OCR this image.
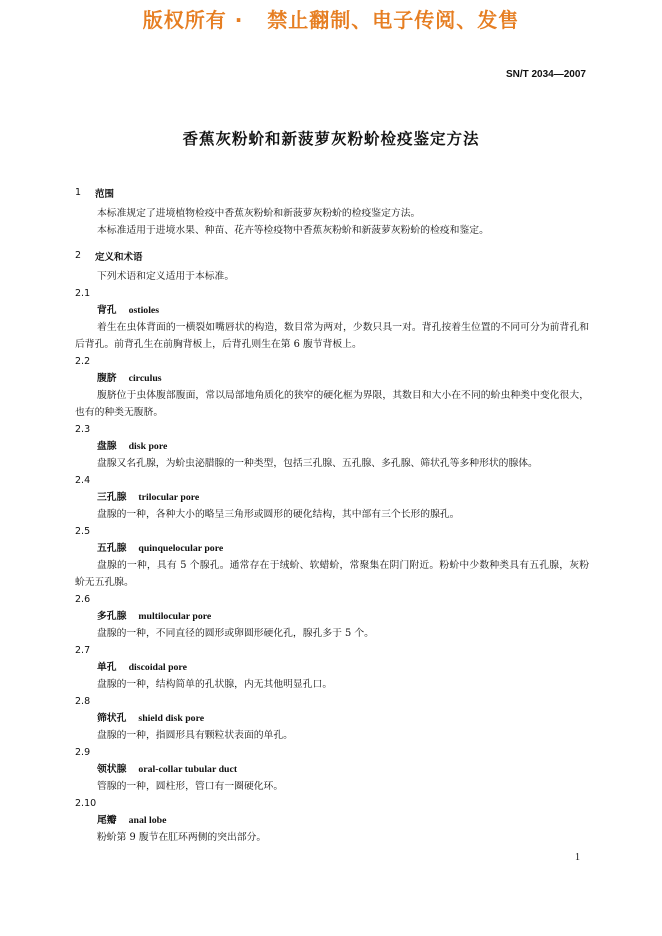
版权所有 ·   禁止翻制、电子传阅、发售
SN/T 2034—2007
香蕉灰粉蚧和新菠萝灰粉蚧检疫鉴定方法
1	范围

本标准规定了进境植物检疫中香蕉灰粉蚧和新菠萝灰粉蚧的检疫鉴定方法。

本标准适用于进境水果、种苗、花卉等检疫物中香蕉灰粉蚧和新菠萝灰粉蚧的检疫和鉴定。

2	定义和术语

下列术语和定义适用于本标准。

2.1
背孔 ostioles

着生在虫体背面的一横裂如嘴唇状的构造，数目常为两对，少数只具一对。背孔按着生位置的不同可分为前背孔和后背孔。前背孔生在前胸背板上，后背孔则生在第 6 腹节背板上。

2.2
腹脐 circulus

腹脐位于虫体腹部腹面，常以局部地角质化的狭窄的硬化框为界限，其数目和大小在不同的蚧虫种类中变化很大，也有的种类无腹脐。

2.3
盘腺 disk pore

盘腺又名孔腺，为蚧虫泌腊腺的一种类型，包括三孔腺、五孔腺、多孔腺、筛状孔等多种形状的腺体。

2.4
三孔腺 trilocular pore

盘腺的一种，各种大小的略呈三角形或圆形的硬化结构，其中部有三个长形的腺孔。

2.5
五孔腺 quinquelocular pore

盘腺的一种，具有 5 个腺孔。通常存在于绒蚧、软蜡蚧，常聚集在阴门附近。粉蚧中少数种类具有五孔腺，灰粉蚧无五孔腺。

2.6
多孔腺 multilocular pore

盘腺的一种，不同直径的圆形或卵圆形硬化孔，腺孔多于 5 个。

2.7
单孔 discoidal pore

盘腺的一种，结构简单的孔状腺，内无其他明显孔口。

2.8
筛状孔 shield disk pore

盘腺的一种，指圆形具有颗粒状表面的单孔。

2.9
领状腺 oral-collar tubular duct

管腺的一种，圆柱形，管口有一圈硬化环。

2.10
尾瓣 anal lobe

粉蚧第 9 腹节在肛环两侧的突出部分。

1
